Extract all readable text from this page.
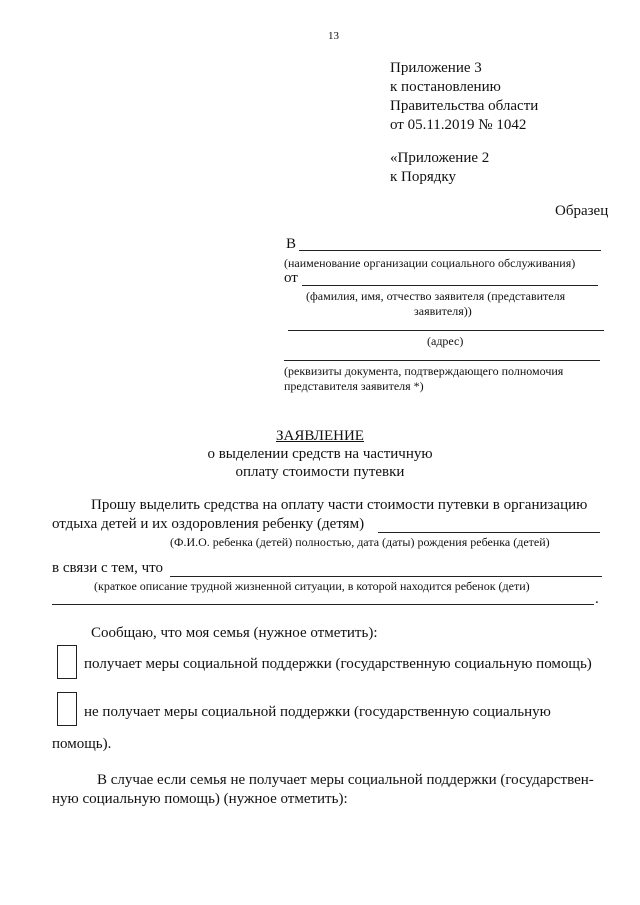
13
Приложение 3
к постановлению
Правительства области
от 05.11.2019 № 1042
«Приложение 2
к Порядку
Образец
В
(наименование организации социального обслуживания)
от
(фамилия, имя, отчество заявителя (представителя
заявителя))
(адрес)
(реквизиты документа, подтверждающего полномочия
представителя заявителя *)
ЗАЯВЛЕНИЕ
о выделении средств на частичную
оплату стоимости путевки
Прошу выделить средства на оплату части стоимости путевки в организацию
отдыха детей и их оздоровления ребенку (детям)
(Ф.И.О. ребенка (детей) полностью, дата (даты) рождения ребенка (детей)
в связи с тем, что
(краткое описание трудной жизненной ситуации, в которой находится ребенок (дети)
.
Сообщаю, что моя семья (нужное отметить):
получает меры социальной поддержки (государственную социальную помощь)
не получает меры социальной поддержки (государственную социальную
помощь).
В случае если семья не получает меры социальной поддержки (государствен-
ную социальную помощь) (нужное отметить):
